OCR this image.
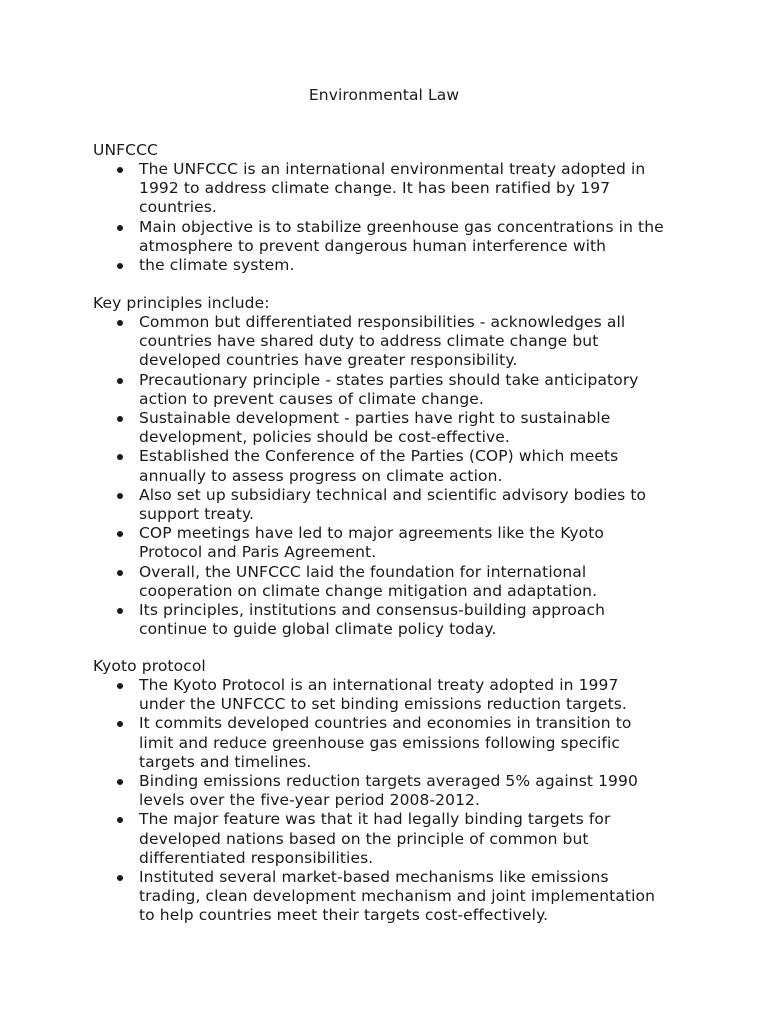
Environmental Law

UNFCCC

The UNFCCC is an international environmental treaty adopted in 1992 to address climate change. It has been ratified by 197 countries.
Main objective is to stabilize greenhouse gas concentrations in the atmosphere to prevent dangerous human interference with
the climate system.

Key principles include:

Common but differentiated responsibilities - acknowledges all countries have shared duty to address climate change but developed countries have greater responsibility.
Precautionary principle - states parties should take anticipatory action to prevent causes of climate change.
Sustainable development - parties have right to sustainable development, policies should be cost-effective.
Established the Conference of the Parties (COP) which meets annually to assess progress on climate action.
Also set up subsidiary technical and scientific advisory bodies to support treaty.
COP meetings have led to major agreements like the Kyoto Protocol and Paris Agreement.
Overall, the UNFCCC laid the foundation for international cooperation on climate change mitigation and adaptation.
Its principles, institutions and consensus-building approach continue to guide global climate policy today.

Kyoto protocol

The Kyoto Protocol is an international treaty adopted in 1997 under the UNFCCC to set binding emissions reduction targets.
It commits developed countries and economies in transition to limit and reduce greenhouse gas emissions following specific targets and timelines.
Binding emissions reduction targets averaged 5% against 1990 levels over the five-year period 2008-2012.
The major feature was that it had legally binding targets for developed nations based on the principle of common but differentiated responsibilities.
Instituted several market-based mechanisms like emissions trading, clean development mechanism and joint implementation to help countries meet their targets cost-effectively.
